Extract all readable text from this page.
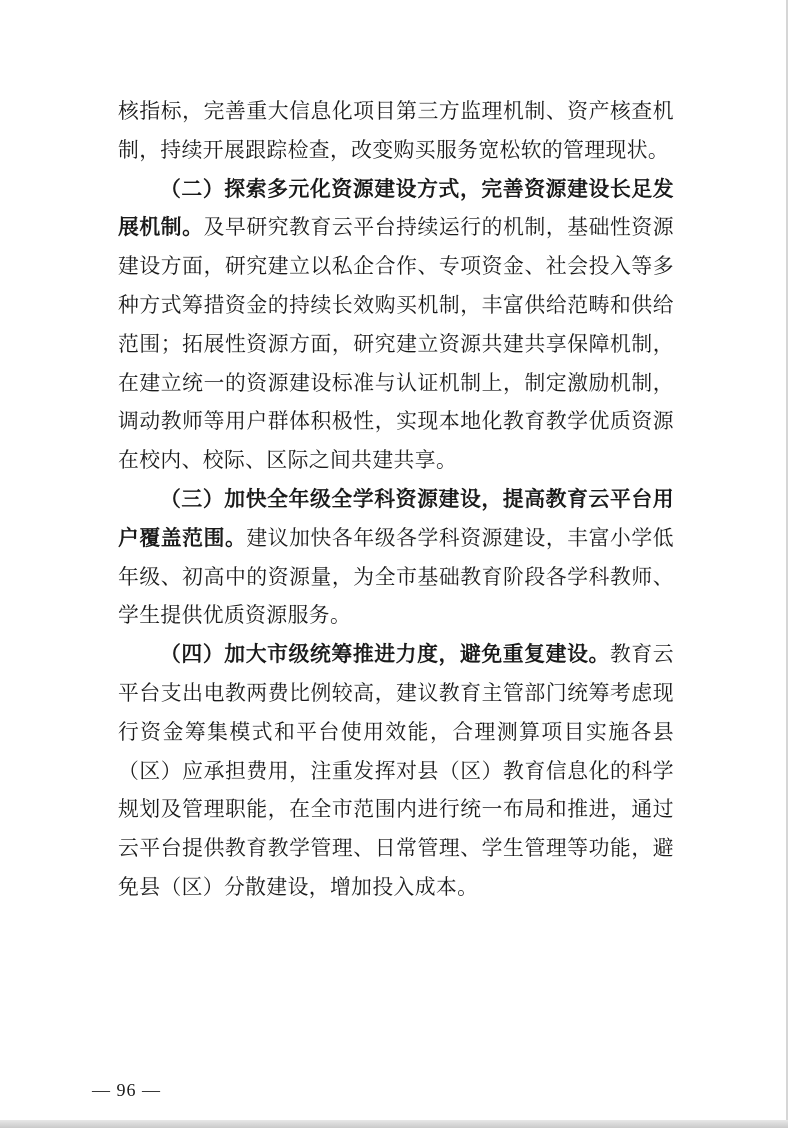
核指标，完善重大信息化项目第三方监理机制、资产核查机制，持续开展跟踪检查，改变购买服务宽松软的管理现状。

（二）探索多元化资源建设方式，完善资源建设长足发展机制。及早研究教育云平台持续运行的机制，基础性资源建设方面，研究建立以私企合作、专项资金、社会投入等多种方式筹措资金的持续长效购买机制，丰富供给范畴和供给范围；拓展性资源方面，研究建立资源共建共享保障机制，在建立统一的资源建设标准与认证机制上，制定激励机制，调动教师等用户群体积极性，实现本地化教育教学优质资源在校内、校际、区际之间共建共享。

（三）加快全年级全学科资源建设，提高教育云平台用户覆盖范围。建议加快各年级各学科资源建设，丰富小学低年级、初高中的资源量，为全市基础教育阶段各学科教师、学生提供优质资源服务。

（四）加大市级统筹推进力度，避免重复建设。教育云平台支出电教两费比例较高，建议教育主管部门统筹考虑现行资金筹集模式和平台使用效能，合理测算项目实施各县（区）应承担费用，注重发挥对县（区）教育信息化的科学规划及管理职能，在全市范围内进行统一布局和推进，通过云平台提供教育教学管理、日常管理、学生管理等功能，避免县（区）分散建设，增加投入成本。

— 96 —
